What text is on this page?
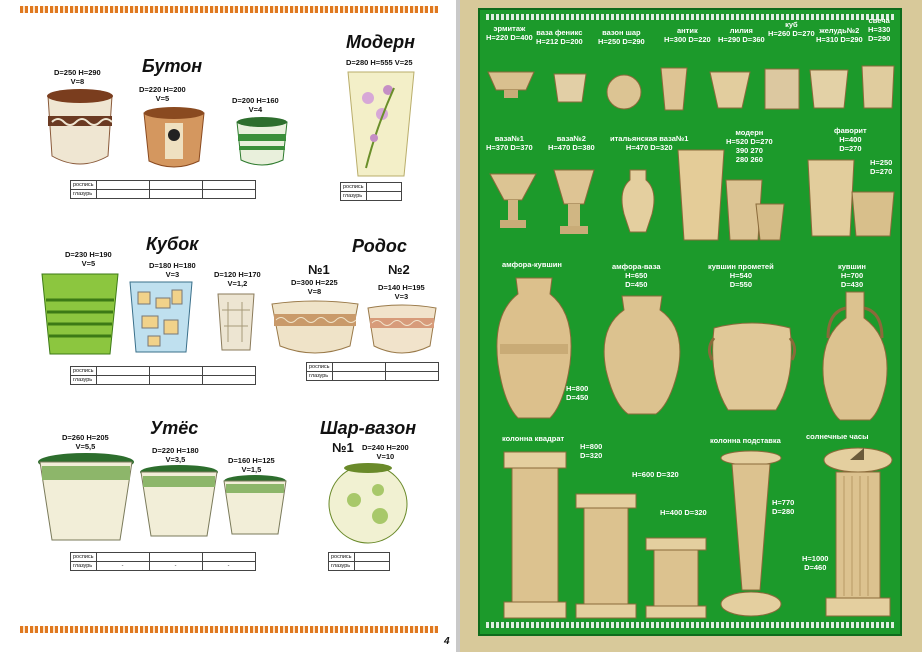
Бутон
D=250 H=290
V=8
D=220 H=200
V=5	D=200 H=160
V=4
роспись			
глазурь			
Модерн
D=280 H=555 V=25
роспись	
глазурь	
Кубок
D=230 H=190
V=5	D=180 H=180
V=3	D=120 H=170
V=1,2
роспись			
глазурь			
Родос
№1	№2
D=300 H=225
V=8	D=140 H=195
V=3
роспись		
глазурь		
Утёс
D=260 H=205
V=5,5	D=220 H=180
V=3,5	D=160 H=125
V=1,5
роспись			
глазурь	-	-	-
Шар-вазон
№1 D=240 H=200
V=10
роспись	
глазурь	
4
эрмитаж
H=220 D=400
ваза феникс
H=212 D=200
вазон шар
H=250 D=290
антик
H=300 D=220
лилия
H=290 D=360
куб
H=260 D=270 желудь№2
H=310 D=290
свеча
H=330
D=290
ваза№1
H=370 D=370
ваза№2
H=470 D=380
итальянская ваза№1
H=470 D=320
модерн
H=520 D=270
390 270
280 260
фаворит
H=400
D=270
H=250
D=270
амфора-кувшин
H=800
D=450
амфора-ваза
H=650
D=450
кувшин прометей
H=540
D=550
кувшин
H=700
D=430
колонна квадрат
H=800
D=320
H=600 D=320
H=400 D=320
колонна подставка
H=770
D=280
солнечные часы
H=1000
D=460
